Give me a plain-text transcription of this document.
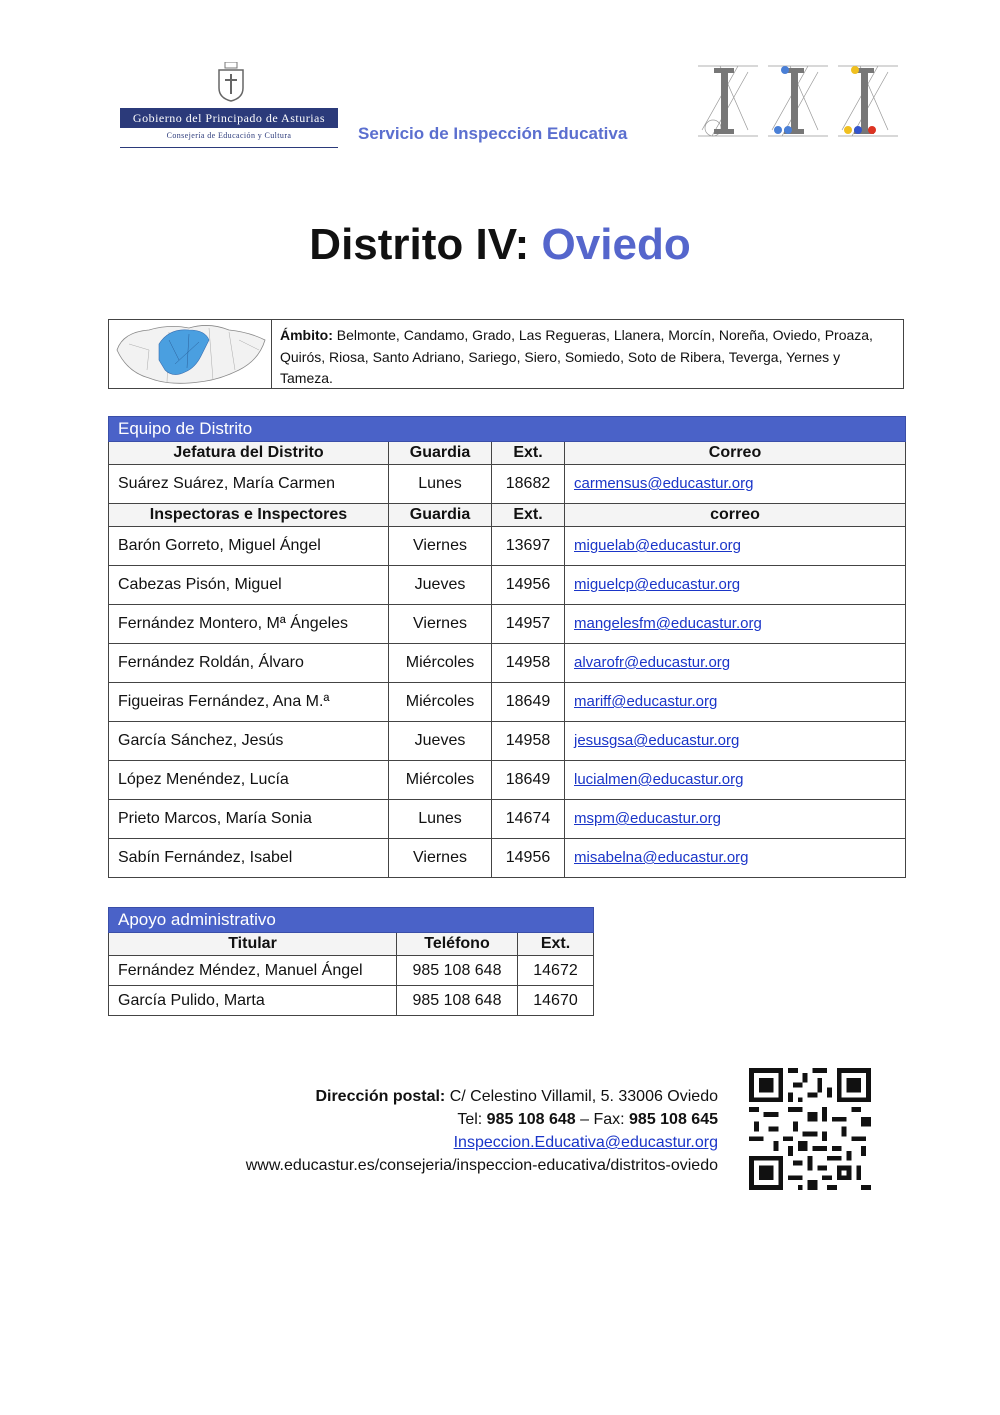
Gobierno del Principado de Asturias
Consejería de Educación y Cultura	Servicio de Inspección Educativa
Distrito IV: Oviedo
Ámbito: Belmonte, Candamo, Grado, Las Regueras, Llanera, Morcín, Noreña, Oviedo, Proaza, Quirós, Riosa, Santo Adriano, Sariego, Siero, Somiedo, Soto de Ribera, Teverga, Yernes y Tameza.
Equipo de Distrito			
Jefatura del Distrito	Guardia	Ext.	Correo
Suárez Suárez, María Carmen	Lunes	18682	carmensus@educastur.org
Inspectoras e Inspectores	Guardia	Ext.	correo
Barón Gorreto, Miguel Ángel	Viernes	13697	miguelab@educastur.org
Cabezas Pisón, Miguel	Jueves	14956	miguelcp@educastur.org
Fernández Montero, Mª Ángeles	Viernes	14957	mangelesfm@educastur.org
Fernández Roldán, Álvaro	Miércoles	14958	alvarofr@educastur.org
Figueiras Fernández, Ana M.ª	Miércoles	18649	mariff@educastur.org
García Sánchez, Jesús	Jueves	14958	jesusgsa@educastur.org
López Menéndez, Lucía	Miércoles	18649	lucialmen@educastur.org
Prieto Marcos, María Sonia	Lunes	14674	mspm@educastur.org
Sabín Fernández, Isabel	Viernes	14956	misabelna@educastur.org
Apoyo administrativo		
Titular	Teléfono	Ext.
Fernández Méndez, Manuel Ángel	985 108 648	14672
García Pulido, Marta	985 108 648	14670
Dirección postal: C/ Celestino Villamil, 5. 33006 Oviedo
Tel: 985 108 648 – Fax: 985 108 645
Inspeccion.Educativa@educastur.org
www.educastur.es/consejeria/inspeccion-educativa/distritos-oviedo
